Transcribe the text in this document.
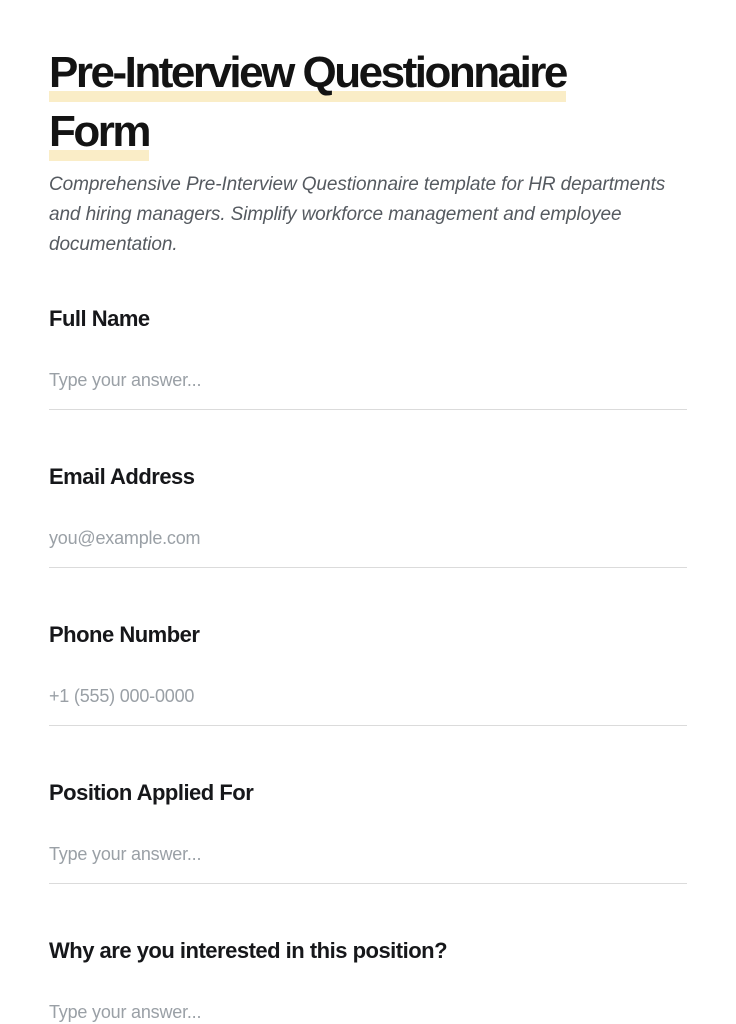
Pre-Interview Questionnaire
Form

Comprehensive Pre-Interview Questionnaire template for HR departments and hiring managers. Simplify workforce management and employee documentation.

Full Name
Type your answer...
Email Address
you@example.com
Phone Number
+1 (555) 000-0000
Position Applied For
Type your answer...
Why are you interested in this position?
Type your answer...
